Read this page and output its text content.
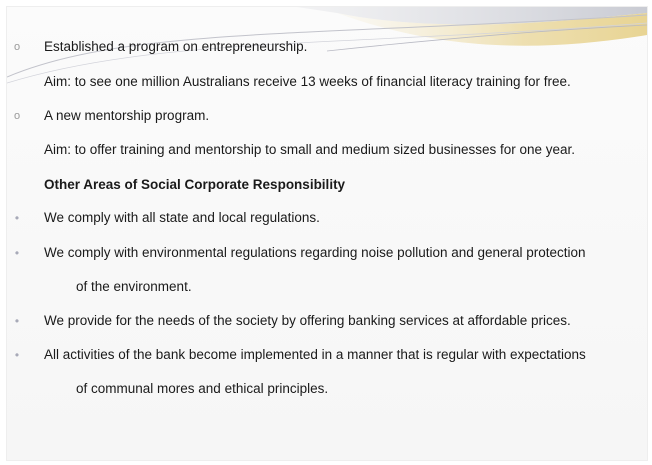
o Established a program on entrepreneurship.
Aim: to see one million Australians receive 13 weeks of financial literacy training for free.
o A new mentorship program.
Aim: to offer training and mentorship to small and medium sized businesses for one year.
Other Areas of Social Corporate Responsibility
• We comply with all state and local regulations.
• We comply with environmental regulations regarding noise pollution and general protection
of the environment.
• We provide for the needs of the society by offering banking services at affordable prices.
• All activities of the bank become implemented in a manner that is regular with expectations
of communal mores and ethical principles.
